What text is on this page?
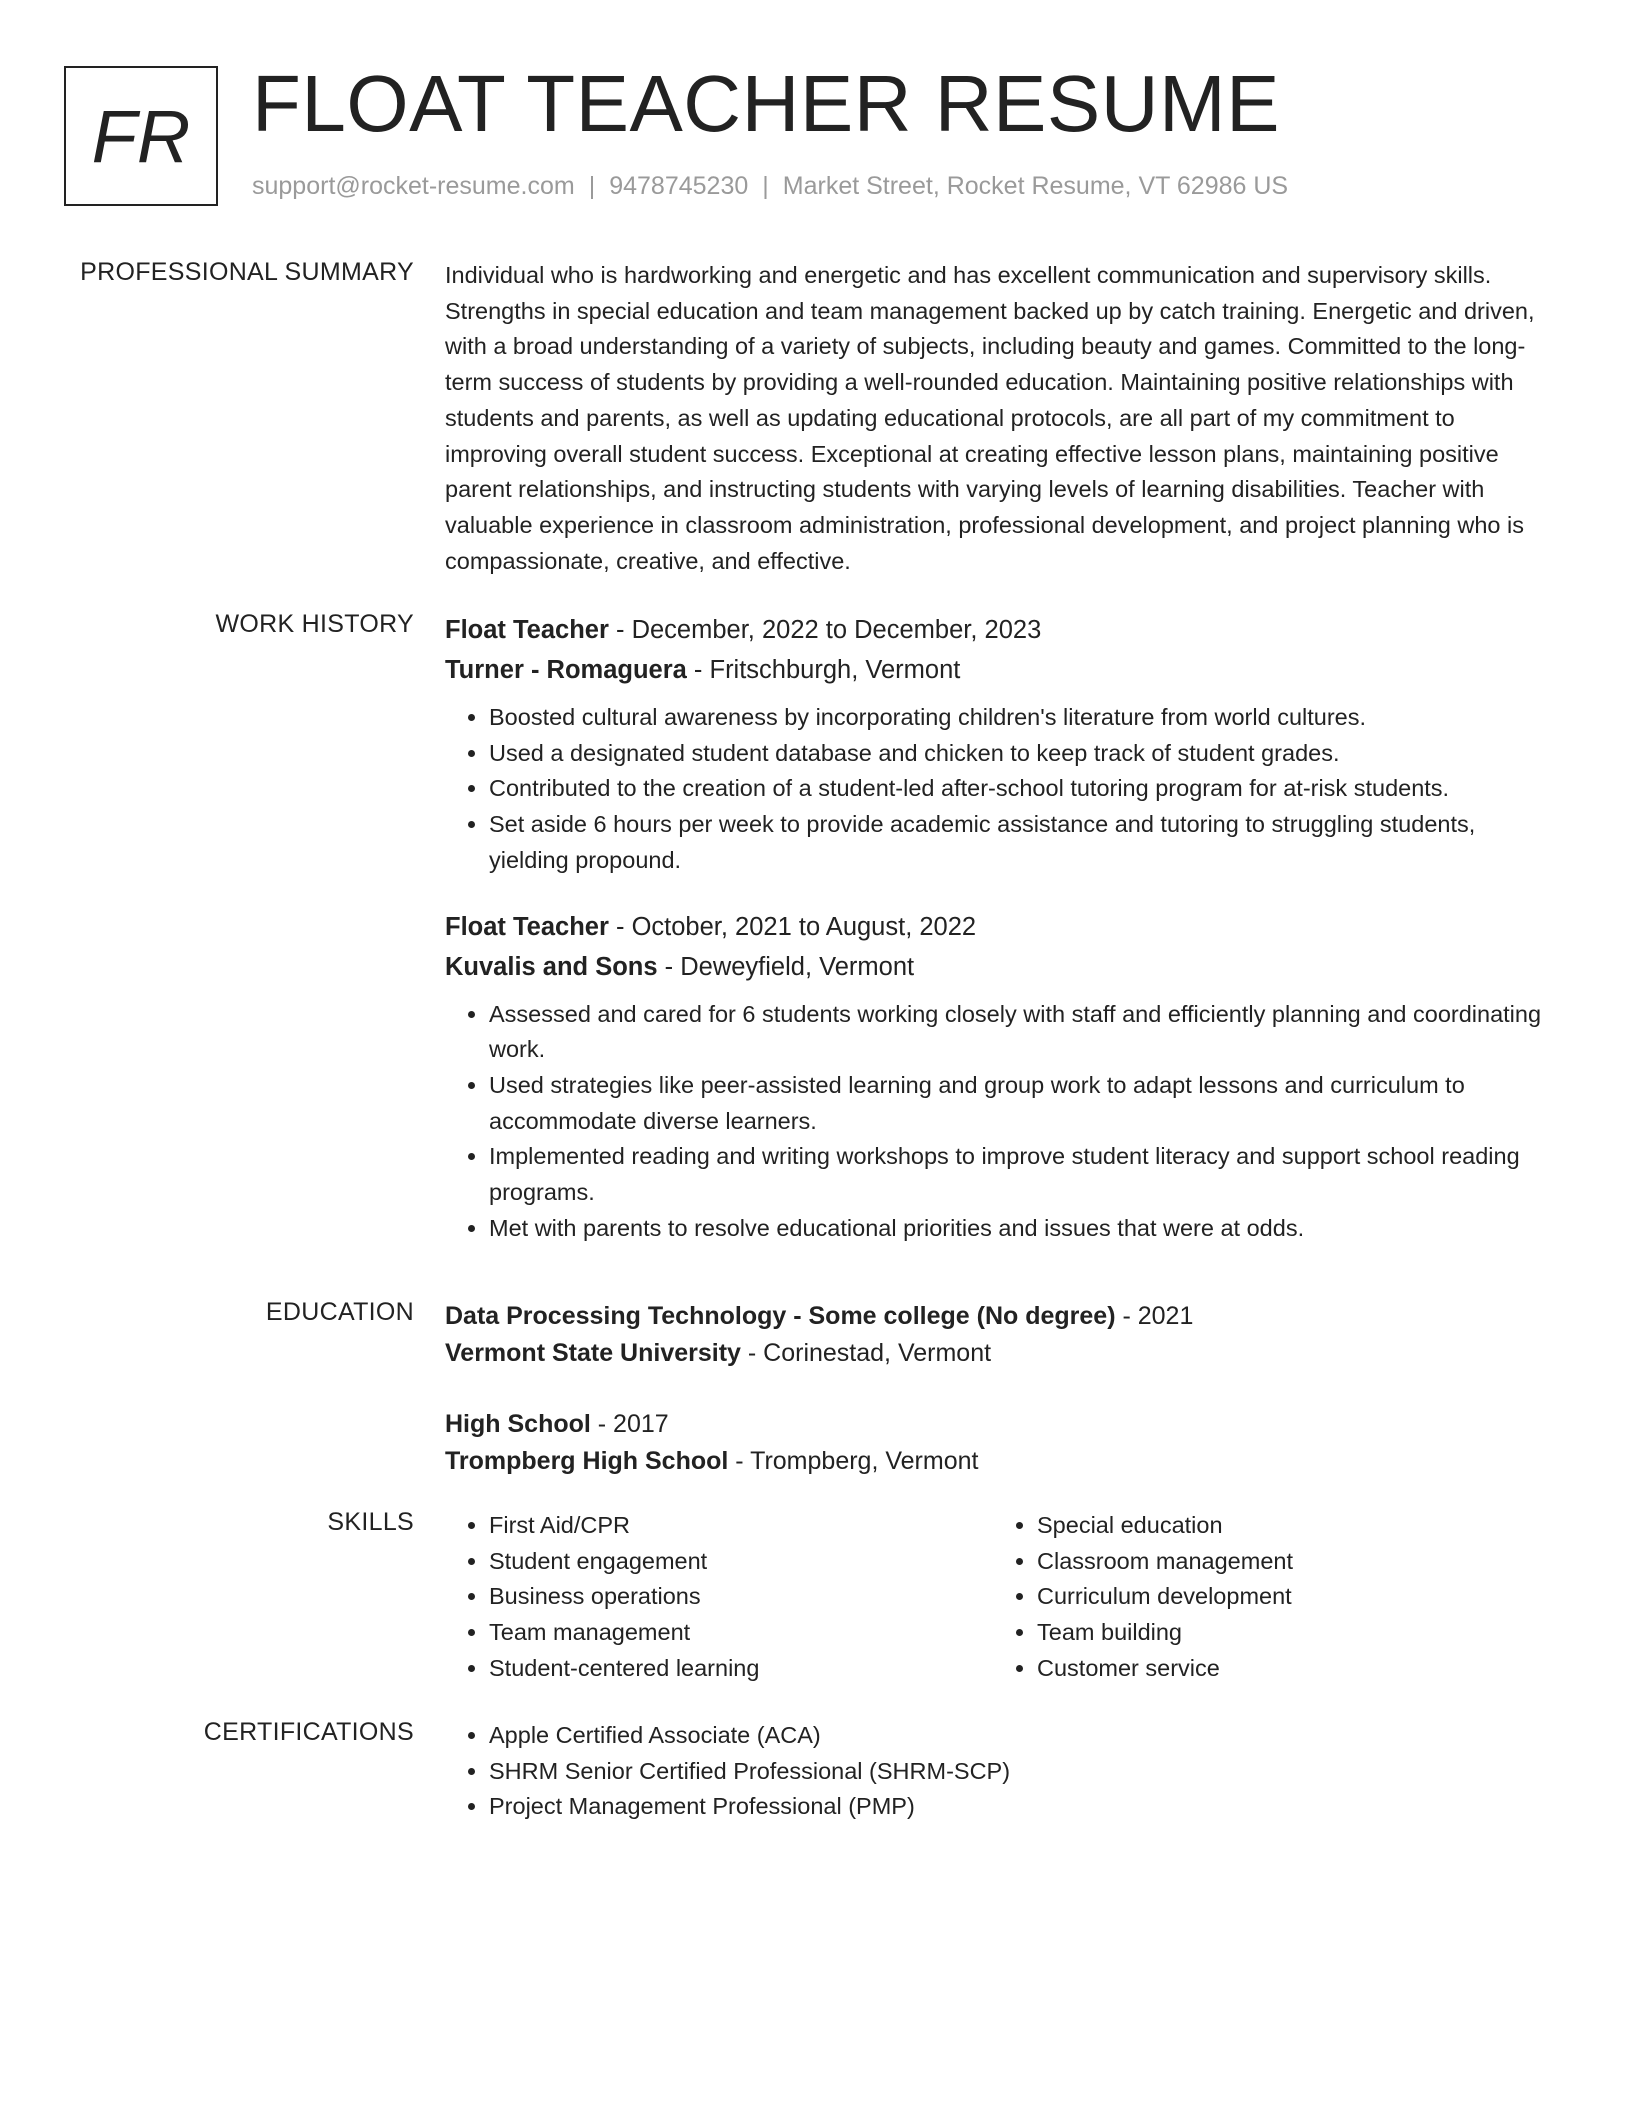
FR FLOAT TEACHER RESUME
support@rocket-resume.com | 9478745230 | Market Street, Rocket Resume, VT 62986 US
PROFESSIONAL SUMMARY Individual who is hardworking and energetic and has excellent communication and supervisory skills. Strengths in special education and team management backed up by catch training. Energetic and driven, with a broad understanding of a variety of subjects, including beauty and games. Committed to the long-term success of students by providing a well-rounded education. Maintaining positive relationships with students and parents, as well as updating educational protocols, are all part of my commitment to improving overall student success. Exceptional at creating effective lesson plans, maintaining positive parent relationships, and instructing students with varying levels of learning disabilities. Teacher with valuable experience in classroom administration, professional development, and project planning who is compassionate, creative, and effective.

WORK HISTORY Float Teacher - December, 2022 to December, 2023
Turner - Romaguera - Fritschburgh, Vermont
• Boosted cultural awareness by incorporating children's literature from world cultures.
• Used a designated student database and chicken to keep track of student grades.
• Contributed to the creation of a student-led after-school tutoring program for at-risk students.
• Set aside 6 hours per week to provide academic assistance and tutoring to struggling students, yielding propound.
Float Teacher - October, 2021 to August, 2022
Kuvalis and Sons - Deweyfield, Vermont
• Assessed and cared for 6 students working closely with staff and efficiently planning and coordinating work.
• Used strategies like peer-assisted learning and group work to adapt lessons and curriculum to accommodate diverse learners.
• Implemented reading and writing workshops to improve student literacy and support school reading programs.
• Met with parents to resolve educational priorities and issues that were at odds.
EDUCATION Data Processing Technology - Some college (No degree) - 2021
Vermont State University - Corinestad, Vermont
High School - 2017
Trompberg High School - Trompberg, Vermont
SKILLS	• First Aid/CPR
• Student engagement
• Business operations
• Team management
• Student-centered learning
• Special education
• Classroom management
• Curriculum development
• Team building
• Customer service
CERTIFICATIONS	• Apple Certified Associate (ACA)
• SHRM Senior Certified Professional (SHRM-SCP)
• Project Management Professional (PMP)
